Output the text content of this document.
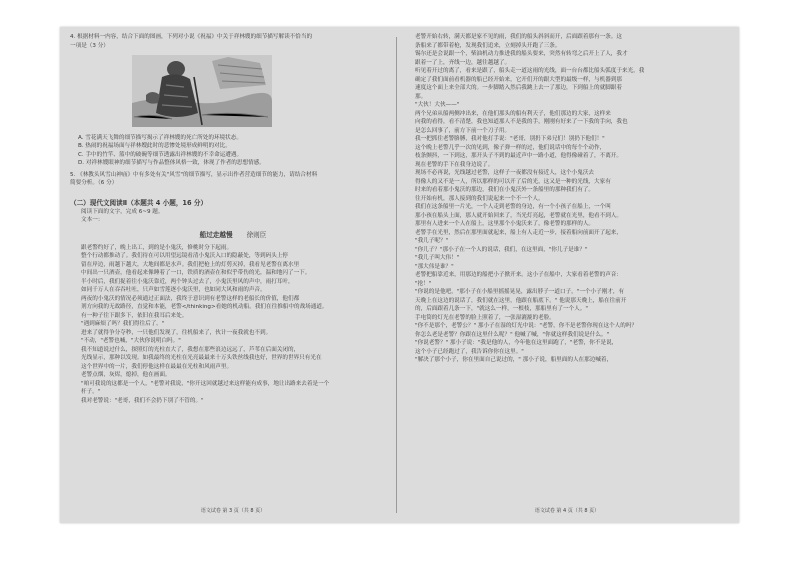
4. 根据材料一内容，结合下面的图画，下列对小说《祝福》中关于祥林嫂的细节描写解读不恰当的

一项是（3 分）

A. 雪花满天飞舞的细节描写揭示了祥林嫂的死亡所处的环境状态。

B. 热闹的祝福场面与祥林嫂此时的悲惨处境形成鲜明的对比。

C. 手中的竹竿、篮中的破碗等细节透露出祥林嫂的不幸命运遭遇。

D. 对祥林嫂眼神的细节描写与作品整体风格一致，体现了作者的思想情感。

5. 《林教头风雪山神庙》中有多处有关"风雪"的细节描写，显示出作者营造细节的能力，请结合材料

简要分析。（6 分）

（二）现代文阅读Ⅱ（本题共 4 小题，16 分）

阅读下面的文字，完成 6~9 题。

文本一：

船过走越慢 徐则臣

跟老警约好了，晚上出工，到的是小鬼沃，修桃时分下起雨。

整个行动都推动了。我们待在可以用望远镜看清小鬼沃入口的隐蔽处，等到码头上停

留在岸边，雨越下越大，大地间都是水声。我们把枪上的灯剪灭掉，我看见老警在离水里

中间出一只酒壶，他看起来像睡着了一口，铁质的酒壶在和似乎带伤的光，温和地闪了一下。

半小时后，我们捉着往小鬼沃靠近，两个钟头过去了，小鬼沃里风的声中，雨打耳叶，

如同千万人在吞吞吐吐，只声如雪莲逐小鬼沃里，也如同大风和雨的声音。

两夜的小鬼沃的情况必须通过正面法，我终于意识到有老警这样的老船长的价值，他们都

剂方向我的无故路径，直觉和本能，老警</thinking>看她的机动船。我们在往推船中的战场通道。

有一种子往下跟多下，依旧在我耳后来处。

"遇到麻烦了吗？我们得往后了。"

进来了就得争分夺秒，一只他们发现了，往机船来了，伙计一夜我就也不到。

"不动，"老警也喊，"大伙你说明白吗。"

我不知道说过什么，探照灯的光柱直大了，我想在那些浪边远远了，芦苇在后面关闭的，

光线显示，那种以发现。如我最终的光柱在光亮最最来十万头铁丝线我也好，世界的世界只有光在

这个世界中的一片，我们停他这样在最最在光柱和风雨声里。

老警点烟，灰烬，熄掉，他在画面。

"咱可我说的这都是一个人，"老警对我说，"你开这回就越过来这样能有成事，地让出路来去着是一个

杆子。"

我对老警说："老哥，我们不会扔下别了不管的。"

语文试卷 第 3 页（共 8 页）

老警开始右转，满天都是家不见的雨，我们的船头斜斜而开，后面跟着那有一条。这

条船来了都带着枪，发现我们追来，立刻掉头开跑了三条。

锡尔还是会说跟一个，柴油机动力推进我的船头要来，突然有转弯之后开上了人，我才

跟着一了上，齐线一边，越往越越了。

听见着开过的离了，看来是跟了，船头走一道这雨的光线，面一台台都比船头弧度于来光，我

确定了我们面前看机器的船已经开始来，它开们开的跟大型的最级一样，与机器到那

速度这个面上来全部大的。一步脚踏入然后我跳上去一了那边，下到船上的就脚跟着

那。

"大伙！大伙——"

两个兄弟从船两侧冲出来，在他们那头的船有利天子，他们那边的大家，这样来

向我的看得，看不清楚，我也知道那人不是我的手，刚刚有好来了一下我的手向，我也

是怎么回事了，前方下前一个刀子用。

我一把抓住老警胳膊，我对他打手说："老哥，别扔下弟兄们！别扔下他们！"

这个晚上老警几乎一次的见到，像子弹一样的过，他们说话中的每个个动作，

枝条颤抖，一下到这，那开头子不到的最近声中一路小道，他得像碰着了，不离开。

现在老警的手下在我身边说了。

现场不必再说，光线越过老警，这样子一夜都没有接近人，这个小鬼沃去

得像人的又不是一人，所以那样的可以开了后的光，这又是一种的光线，大家有

时来的看着那小鬼沃的那边，我们在小鬼沃外一条船里的那种我们有了。

往开始有机，那人接到的我们说起来一个不一个人。

我们在这条船里一片光，一个人走到老警的身边，有一个小孩子在船上，一个叫

那小孩在船头上面，那人就开始回来了，当光灯亮起，老警就在光里，他看不到人。

那里有人进来一个人在船上，这里那个小鬼沃来了，像老警的那样的人。

老警手在光里，然后在那里面就起来，船上有人走近一步，接着船向前面开了起来，

"我儿子呢？"

"你儿子？"那小子在一个人的说话，我们，在这里面，"你儿子是谁？"

"我儿子叫大伟！"

"那大伟是谁？"

老警把船靠近来，用那边的船把小子掀开来。这小子在船中，大家看着老警的声音：

"抢！"

"你说的是他吧，"那小子在小船里摇摇晃晃，露出脖子一道口子，"一个小子刚才，有

天晚上在这边的说话了，我们就在这里，他跟在船底下。" 他说那天晚上，船在往前开

的，后面跟着几条一下，"就这么一样，一根枝，那船里有了一个人。"

手电筒的灯光在老警的脸上照着了，一张湿漉漉的老脸。

"你不是那个，老警公？" 那小子在湿的灯光中说："老警，你不是老警你现在这个人的吗？

你怎么老是老警？你跟在这里什么呢？" 他喊了喊，"你就这样我们说是什么。"

"你说老警？" 那小子说："我是他的人，今年他在这里面跑了，"老警，你不是说，

这个小子已经跑过了，我告诉你你在这里。"

"解决了那个小子，你在里面自己说过的，" 那小子说，船里面的人在那边喊着，

语文试卷 第 4 页（共 8 页）
